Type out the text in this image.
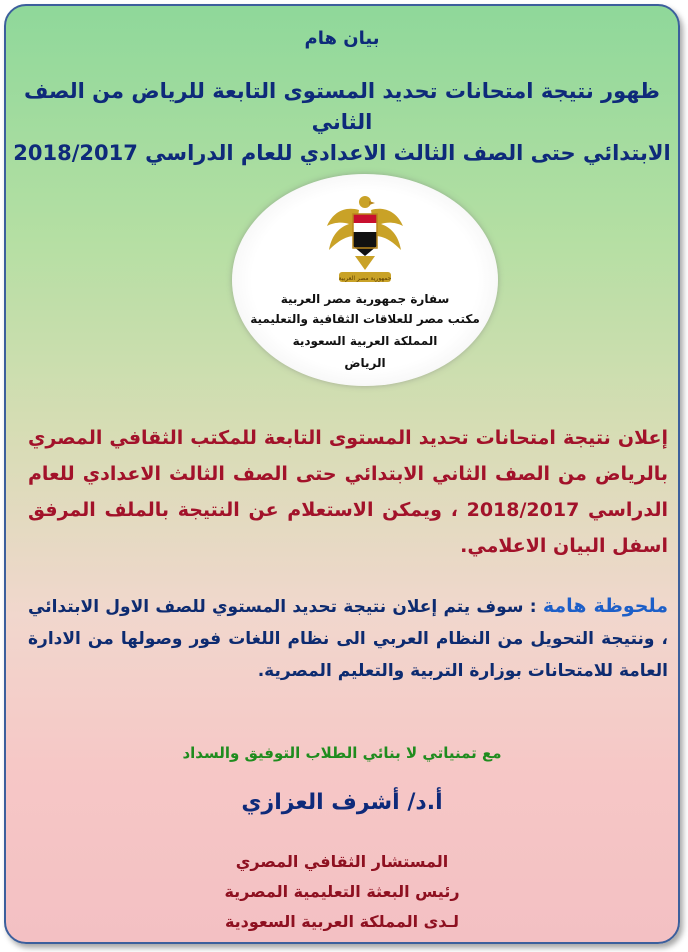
بيان هام
ظهور نتيجة امتحانات تحديد المستوى التابعة للرياض من الصف الثاني
الابتدائي حتى الصف الثالث الاعدادي للعام الدراسي 2018/2017
جمهورية مصر العربية
سفارة جمهورية مصر العربية
مكتب مصر للعلاقات الثقافية والتعليمية
المملكة العربية السعودية
الرياض
إعلان نتيجة امتحانات تحديد المستوى التابعة للمكتب الثقافي المصري بالرياض من الصف الثاني الابتدائي حتى الصف الثالث الاعدادي للعام الدراسي 2018/2017 ، ويمكن الاستعلام عن النتيجة بالملف المرفق اسفل البيان الاعلامي.
ملحوظة هامة : سوف يتم إعلان نتيجة تحديد المستوي للصف الاول الابتدائي ، ونتيجة التحويل من النظام العربي الى نظام اللغات فور وصولها من الادارة العامة للامتحانات بوزارة التربية والتعليم المصرية.
مع تمنياتي لا بنائي الطلاب التوفيق والسداد
أ.د/ أشرف العزازي
المستشار الثقافي المصري
رئيس البعثة التعليمية المصرية
لـدى المملكة العربية السعودية
